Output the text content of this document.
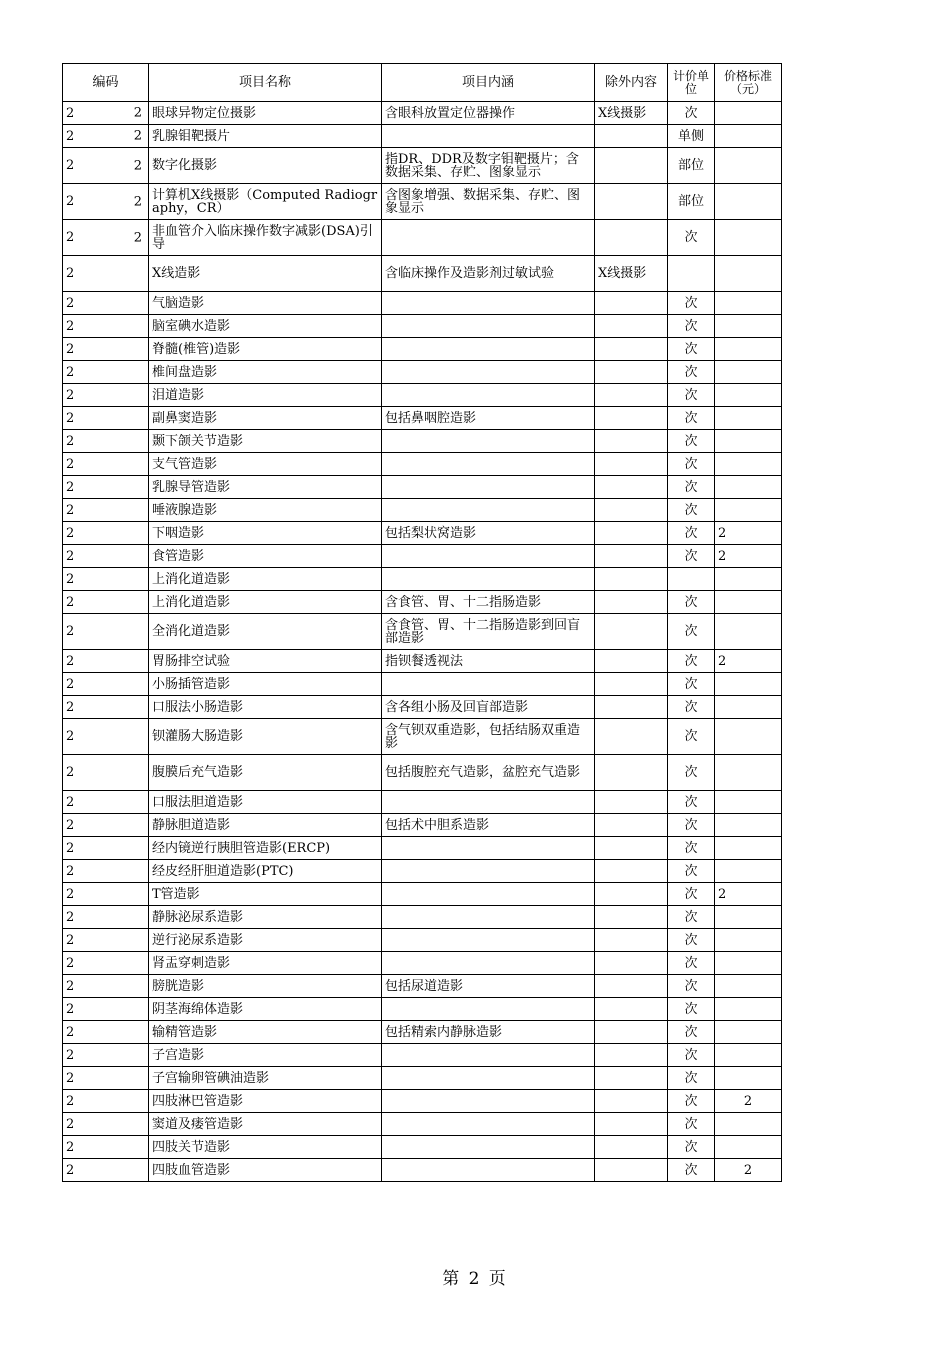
编码	项目名称	项目内涵	除外内容	计价单位	价格标准（元）
2 2	眼球异物定位摄影	含眼科放置定位器操作	X线摄影	次	
2 2	乳腺钼靶摄片			单侧	
2 2	数字化摄影	指DR、DDR及数字钼靶摄片；含数据采集、存贮、图象显示		部位	
2 2	计算机X线摄影（Computed Radiography，CR）	含图象增强、数据采集、存贮、图象显示		部位	
2 2	非血管介入临床操作数字减影(DSA)引导			次	
2	X线造影	含临床操作及造影剂过敏试验	X线摄影		
2	气脑造影			次	
2	脑室碘水造影			次	
2	脊髓(椎管)造影			次	
2	椎间盘造影			次	
2	泪道造影			次	
2	副鼻窦造影	包括鼻咽腔造影		次	
2	颞下颌关节造影			次	
2	支气管造影			次	
2	乳腺导管造影			次	
2	唾液腺造影			次	
2	下咽造影	包括梨状窝造影		次	2
2	食管造影			次	2
2	上消化道造影				
2	上消化道造影	含食管、胃、十二指肠造影		次	
2	全消化道造影	含食管、胃、十二指肠造影到回盲部造影		次	
2	胃肠排空试验	指钡餐透视法		次	2
2	小肠插管造影			次	
2	口服法小肠造影	含各组小肠及回盲部造影		次	
2	钡灌肠大肠造影	含气钡双重造影，包括结肠双重造影		次	
2	腹膜后充气造影	包括腹腔充气造影，盆腔充气造影		次	
2	口服法胆道造影			次	
2	静脉胆道造影	包括术中胆系造影		次	
2	经内镜逆行胰胆管造影(ERCP)			次	
2	经皮经肝胆道造影(PTC)			次	
2	T管造影			次	2
2	静脉泌尿系造影			次	
2	逆行泌尿系造影			次	
2	肾盂穿刺造影			次	
2	膀胱造影	包括尿道造影		次	
2	阴茎海绵体造影			次	
2	输精管造影	包括精索内静脉造影		次	
2	子宫造影			次	
2	子宫输卵管碘油造影			次	
2	四肢淋巴管造影			次	2
2	窦道及瘘管造影			次	
2	四肢关节造影			次	
2	四肢血管造影			次	2
第 2 页
